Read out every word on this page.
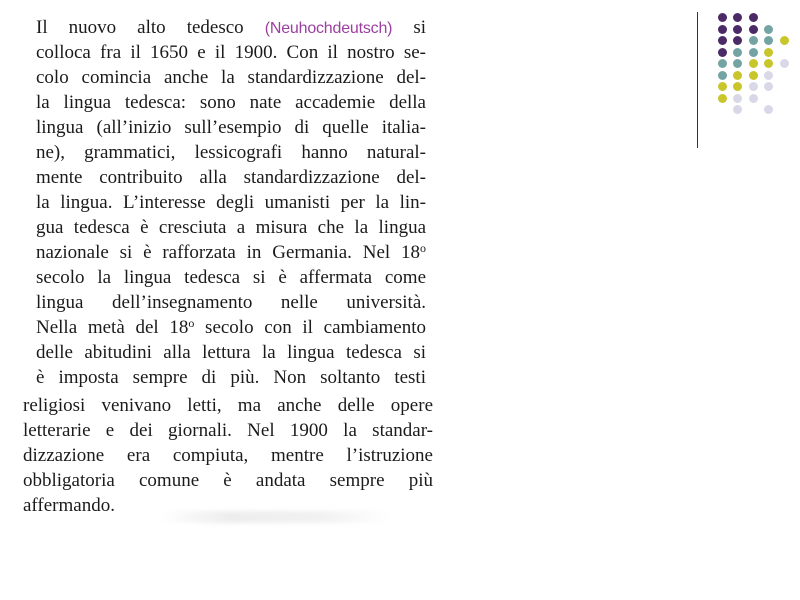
Il nuovo alto tedesco (Neuhochdeutsch) si
colloca fra il 1650 e il 1900. Con il nostro se-
colo comincia anche la standardizzazione del-
la lingua tedesca: sono nate accademie della
lingua (all’inizio sull’esempio di quelle italia-
ne), grammatici, lessicografi hanno natural-
mente contribuito alla standardizzazione del-
la lingua. L’interesse degli umanisti per la lin-
gua tedesca è cresciuta a misura che la lingua
nazionale si è rafforzata in Germania. Nel 18$^o$
secolo la lingua tedesca si è affermata come
lingua dell’insegnamento nelle università.
Nella metà del 18$^o$ secolo con il cambiamento
delle abitudini alla lettura la lingua tedesca si
è imposta sempre di più. Non soltanto testi
religiosi venivano letti, ma anche delle opere
letterarie e dei giornali. Nel 1900 la standar-
dizzazione era compiuta, mentre l’istruzione
obbligatoria comune è andata sempre più
affermando.
